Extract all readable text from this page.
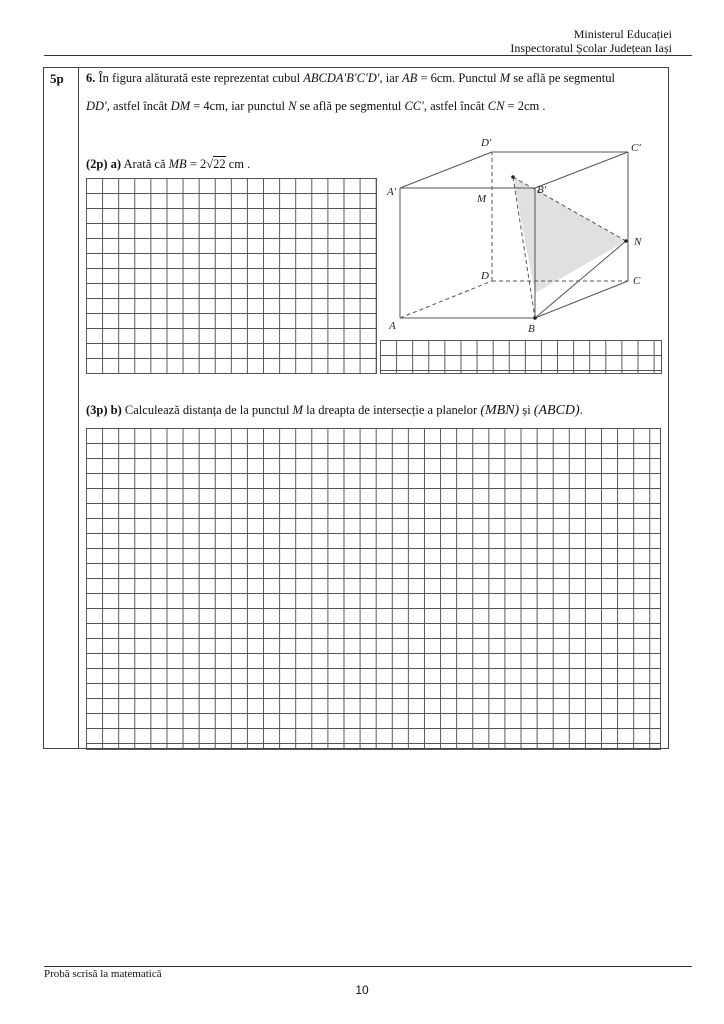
Ministerul Educației
Inspectoratul Școlar Județean Iași
5p 6. În figura alăturată este reprezentat cubul ABCDA′B′C′D′, iar AB = 6cm. Punctul M se află pe segmentul
DD′, astfel încât DM = 4cm, iar punctul N se află pe segmentul CC′, astfel încât CN = 2cm .
(2p) a) Arată că MB = 2√22 cm .
A	B
C
D
A′	B′
C′
D′
M
N
(3p) b) Calculează distanța de la punctul M la dreapta de intersecție a planelor (MBN) și (ABCD).
Probă scrisă la matematică
10
